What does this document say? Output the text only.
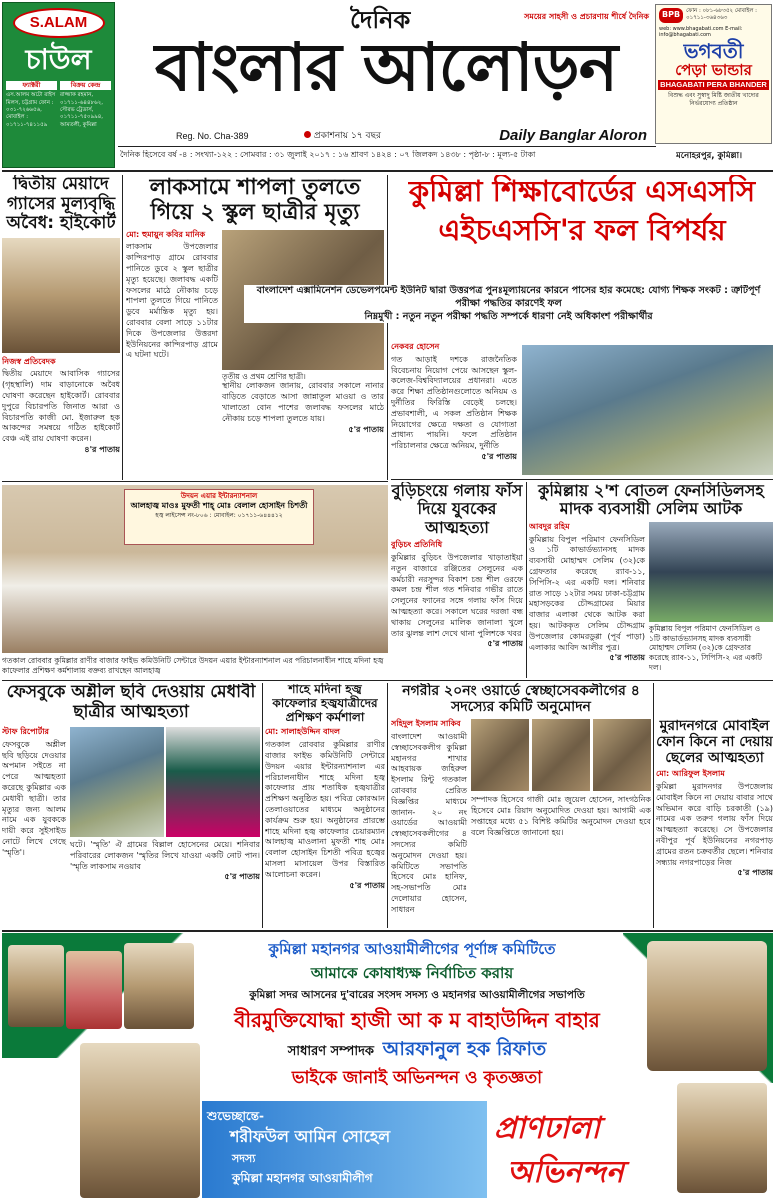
S.ALAM
চাউল
ফ্যাক্টরী
এস.আলম অটো রাইস মিলস, চট্টগ্রাম ফোন : ০৩১-৭২৬৬৫৬, মোবাইল : ০১৭১১-৭৪১১৫৯
বিক্রয় কেন্দ্র
রাজ্জাক রহমান, ০১৭১১-৬৪৪৮৬২, সৌরভ ট্রেডার্স, ০১৭১১-৭৫০৯৯৪, আমতলী, কুমিল্লা
দৈনিক	সময়ের সাহসী ও প্রচারণায় শীর্ষে দৈনিক
বাংলার আলোড়ন
Reg. No. Cha-389	প্রকাশনায় ১৭ বছর	Daily Banglar Aloron
BPB	ফোন : ০৮১-৬৮৩৫২ মোবাইল : ০১৭১১-৩৬৪৩৬৩
web: www.bhagabati.com E-mail: info@bhagabati.com
ভগবতী
পেড়া ভান্ডার
BHAGABATI PERA BHANDER
বিশুদ্ধ এবং সুস্বাদু মিষ্টি জাতীয় খাদ্যের নির্ভরযোগ্য প্রতিষ্ঠান
মনোহরপুর, কুমিল্লা।
দৈনিক হিসেবে বর্ষ -৪ : সংখ্যা-১২২ : সোমবার : ৩১ জুলাই ২০১৭ : ১৬ শ্রাবণ ১৪২৪ : ০৭ জিলকদ ১৪৩৮ : পৃষ্ঠা-৮ : মূল্য-৫ টাকা
দ্বিতীয় মেয়াদে গ্যাসের মূল্যবৃদ্ধি অবৈধ: হাইকোর্ট
নিজস্ব প্রতিবেদক
দ্বিতীয় মেয়াদে আবাসিক গ্যাসের (গৃহস্থালি) দাম বাড়ানোকে অবৈধ ঘোষণা করেছেন হাইকোর্ট। রোববার দুপুরে বিচারপতি জিনাত আরা ও বিচারপতি কাজী মো. ইজারুল হক আকন্দের সমন্বয়ে গঠিত হাইকোর্ট বেঞ্চ এই রায় ঘোষণা করেন।
৪'র পাতায়
লাকসামে শাপলা তুলতে গিয়ে ২ স্কুল ছাত্রীর মৃত্যু
মো: হুমায়ুন কবির মানিক
লাকসাম উপজেলার কান্দিরপাড় গ্রামে রোববার পানিতে ডুবে ২ স্কুল ছাত্রীর মৃত্যু হয়েছে। জলাবদ্ধ একটি ফসলের মাঠে নৌকায় চড়ে শাপলা তুলতে গিয়ে পানিতে ডুবে মর্মান্তিক মৃত্যু হয়। রোববার বেলা সাড়ে ১১টার দিকে উপজেলার উত্তরদা ইউনিয়নের কান্দিরপাড় গ্রামে এ ঘটনা ঘটে।
তৃতীয় ও প্রথম শ্রেণির ছাত্রী।
স্থানীয় লোকজন জানায়, রোববার সকালে নানার বাড়িতে বেড়াতে আসা জান্নাতুল মাওয়া ও তার খালাতো বোন পাশের জলাবদ্ধ ফসলের মাঠে নৌকায় চড়ে শাপলা তুলতে যায়।
৫'র পাতায়
কুমিল্লা শিক্ষাবোর্ডের এসএসসি
এইচএসসি'র ফল বিপর্যয়
বাংলাদেশ এক্সামিনেশন ডেভেলপমেন্ট ইউনিট দ্বারা উত্তরপত্র পুনঃমূল্যায়নের কারনে পাসের হার কমেছে: যোগ্য শিক্ষক সংকট : ত্রুটিপূর্ণ পরীক্ষা পদ্ধতির কারণেই ফল
নিম্নমুখী : নতুন নতুন পরীক্ষা পদ্ধতি সম্পর্কে ধারণা নেই অধিকাংশ পরীক্ষার্থীর
নেকবর হোসেন
গত আড়াই দশকে রাজনৈতিক বিবেচনায় নিয়োগ পেয়ে আসছেন স্কুল-কলেজ-বিশ্ববিদ্যালয়ের প্রধানরা। এতে করে শিক্ষা প্রতিষ্ঠানগুলোতে অনিয়ম ও দুর্নীতির ফিরিস্তি বেড়েই চলছে। প্রভাবশালী, এ সকল প্রতিষ্ঠান শিক্ষক নিয়োগের ক্ষেত্রে দক্ষতা ও যোগ্যতা প্রাধান্য পায়নি। ফলে প্রতিষ্ঠান পরিচালনার ক্ষেত্রে অনিয়ম, দুর্নীতি
৫'র পাতায়
বুড়িচংয়ে গলায় ফাঁস দিয়ে যুবকের আত্মহত্যা
বুড়িচং প্রতিনিধি
কুমিল্লার বুড়িচং উপজেলার খাড়াতাইয়া নতুন বাজারে রঞ্জিতের সেলুনের এক কর্মচারী নরসুন্দর বিকাশ চন্দ্র শীল ওরফে কমল চন্দ্র শীল গত শনিবার গভীর রাতে সেলুনের ফ্যানের সঙ্গে গলায় ফাঁস দিয়ে আত্মহত্যা করে। সকালে ঘরের দরজা বন্ধ থাকায় সেলুনের মালিক জানালা খুলে তার ঝুলন্ত লাশ দেখে থানা পুলিশকে খবর
৫'র পাতায়
কুমিল্লায় ২'শ বোতল ফেনসিডিলসহ মাদক ব্যবসায়ী সেলিম আটক
আবদুর রহিম
কুমিল্লায় বিপুল পরিমাণ ফেনসিডিল ও ১টি কাভার্ডভ্যানসহ মাদক ব্যবসায়ী মোহাম্মদ সেলিম (৩২)কে গ্রেফতার করেছে র‌্যাব-১১, সিপিসি-২ এর একটি দল। শনিবার রাত সাড়ে ১২টার সময় ঢাকা-চট্টগ্রাম মহাসড়কের চৌদ্দগ্রামের মিয়ার বাজার এলাকা থেকে আটক করা হয়। আটককৃত সেলিম চৌদ্দগ্রাম উপজেলার কোমরডুগ্গা (পূর্ব পাড়া) এলাকার আবিদ আলীর পুত্র।
৫'র পাতায়
কুমিল্লায় বিপুল পরিমাণ ফেনসিডিল ও ১টি কাভার্ডভ্যানসহ মাদক ব্যবসায়ী মোহাম্মদ সেলিম (৩২)কে গ্রেফতার করেছে র‌্যাব-১১, সিপিসি-২ এর একটি দল।
উদয়ন এয়ার ইন্টারন্যাশনাল
আলহাজ্ব মাওঃ মুফতী শাহ্ মোঃ বেলাল হোসাইন চিশতী
হজ্ব লাইসেন্স নং-৮০৬ : মোবাইল: ০১৭১১-৬৪৪৪১২
গতকাল রোববার কুমিল্লার রাণীর বাজার ফাইভ কমিউনিটি সেন্টারে উদয়ন এয়ার ইন্টারন্যাশনাল এর পরিচালনাধীন শাহে মদিনা হজ্ব কাফেলার প্রশিক্ষণ কর্মশালায় বক্তব্য রাখছেন আলহাজ্ব
ফেসবুকে অশ্লীল ছবি দেওয়ায় মেধাবী ছাত্রীর আত্মহত্যা
স্টাফ রিপোর্টার
ফেসবুকে অশ্লীল ছবি ছড়িয়ে দেওয়ার অপমান সইতে না পেরে আত্মহত্যা করেছে কুমিল্লার এক মেধাবী ছাত্রী। তার মৃত্যুর জন্য আলম নামে এক যুবককে দায়ী করে সুইসাইড নোটে লিখে গেছে 'স্মৃতি'।
ঘটে। 'স্মৃতি' ঐ গ্রামের বিল্লাল হোসেনের মেয়ে। শনিবার পরিবারের লোকজন 'স্মৃতির লিখে যাওয়া একটি নোট পান। 'স্মৃতি লাকসাম নওয়াব
৫'র পাতায়
শাহে মদিনা হজ্ব কাফেলার হজ্বযাত্রীদের প্রশিক্ষণ কর্মশালা
মো: সালাহউদ্দিন বাদল
গতকাল রোববার কুমিল্লার রাণীর বাজার ফাইভ কমিউনিটি সেন্টারে উদয়ন এয়ার ইন্টারন্যাশনাল এর পরিচালনাধীন শাহে মদিনা হজ্ব কাফেলার প্রায় শতাধিক হজ্বযাত্রীর প্রশিক্ষণ অনুষ্ঠিত হয়। পবিত্র কোরআন তেলাওয়াতের মাধ্যমে অনুষ্ঠানের কার্যক্রম শুরু হয়। অনুষ্ঠানের প্রারম্ভে শাহে মদিনা হজ্ব কাফেলার চেয়ারম্যান আলহাজ্ব মাওলানা মুফতী শাহ মোঃ বেলাল হোসাইন চিশতী পবিত্র হজ্বের মাসলা মাসায়েল উপর বিস্তারিত আলোচনা করেন।
৫'র পাতায়
নগরীর ২০নং ওয়ার্ডে স্বেচ্ছাসেবকলীগের ৪ সদস্যের কমিটি অনুমোদন
সহিদুল ইসলাম সাকিব
বাংলাদেশ আওয়ামী স্বেচ্ছাসেবকলীগ কুমিল্লা মহানগর শাখার আহবায়ক জহিরুল ইসলাম রিন্টু গতকাল রোববার প্রেরিত বিজ্ঞপ্তির মাধ্যমে জানান- ২০ নং ওয়ার্ডের আওয়ামী স্বেচ্ছাসেবকলীগের ৪ সদস্যের কমিটি অনুমোদন দেওয়া হয়। কমিটিতে সভাপতি হিসেবে মোঃ হানিফ, সহ-সভাপতি মোঃ দেলোয়ার হোসেন, সাধারন
সম্পাদক হিসেবে গাজী মোঃ জুয়েল হোসেন, সাংগঠনিক হিসেবে মোঃ রিয়াদ অনুমোদিত দেওয়া হয়। আগামী এক সপ্তাহের মধ্যে ৫১ বিশিষ্ট কমিটির অনুমোদন দেওয়া হবে বলে বিজ্ঞপ্তিতে জানানো হয়।
মুরাদনগরে মোবাইল ফোন কিনে না দেয়ায় ছেলের আত্মহত্যা
মো: আরিফুল ইসলাম
কুমিল্লা মুরাদনগর উপজেলায় মোবাইল কিনে না দেয়ায় বাবার সাথে অভিমান করে বাড়ি চরকাতী (১৯) নামের এক তরুণ গলায় ফাঁস দিয়ে আত্মহত্যা করেছে। সে উপজেলার নবীপুর পূর্ব ইউনিয়নের নগরপাড় গ্রামের রতন চক্রবর্তীর ছেলে। শনিবার সন্ধ্যায় নগরপাড়ের নিজ
৫'র পাতায়
কুমিল্লা মহানগর আওয়ামীলীগের পূর্ণাঙ্গ কমিটিতে
আমাকে কোষাধ্যক্ষ নির্বাচিত করায়
কুমিল্লা সদর আসনের দু'বারের সংসদ সদস্য ও মহানগর আওয়ামীলীগের সভাপতি
বীরমুক্তিযোদ্ধা হাজী আ ক ম বাহাউদ্দিন বাহার
সাধারণ সম্পাদক আরফানুল হক রিফাত
ভাইকে জানাই অভিনন্দন ও কৃতজ্ঞতা
শুভেচ্ছান্তে-
শরীফউল আমিন সোহেল
সদস্য
কুমিল্লা মহানগর আওয়ামীলীগ
প্রাণঢালা
অভিনন্দন
